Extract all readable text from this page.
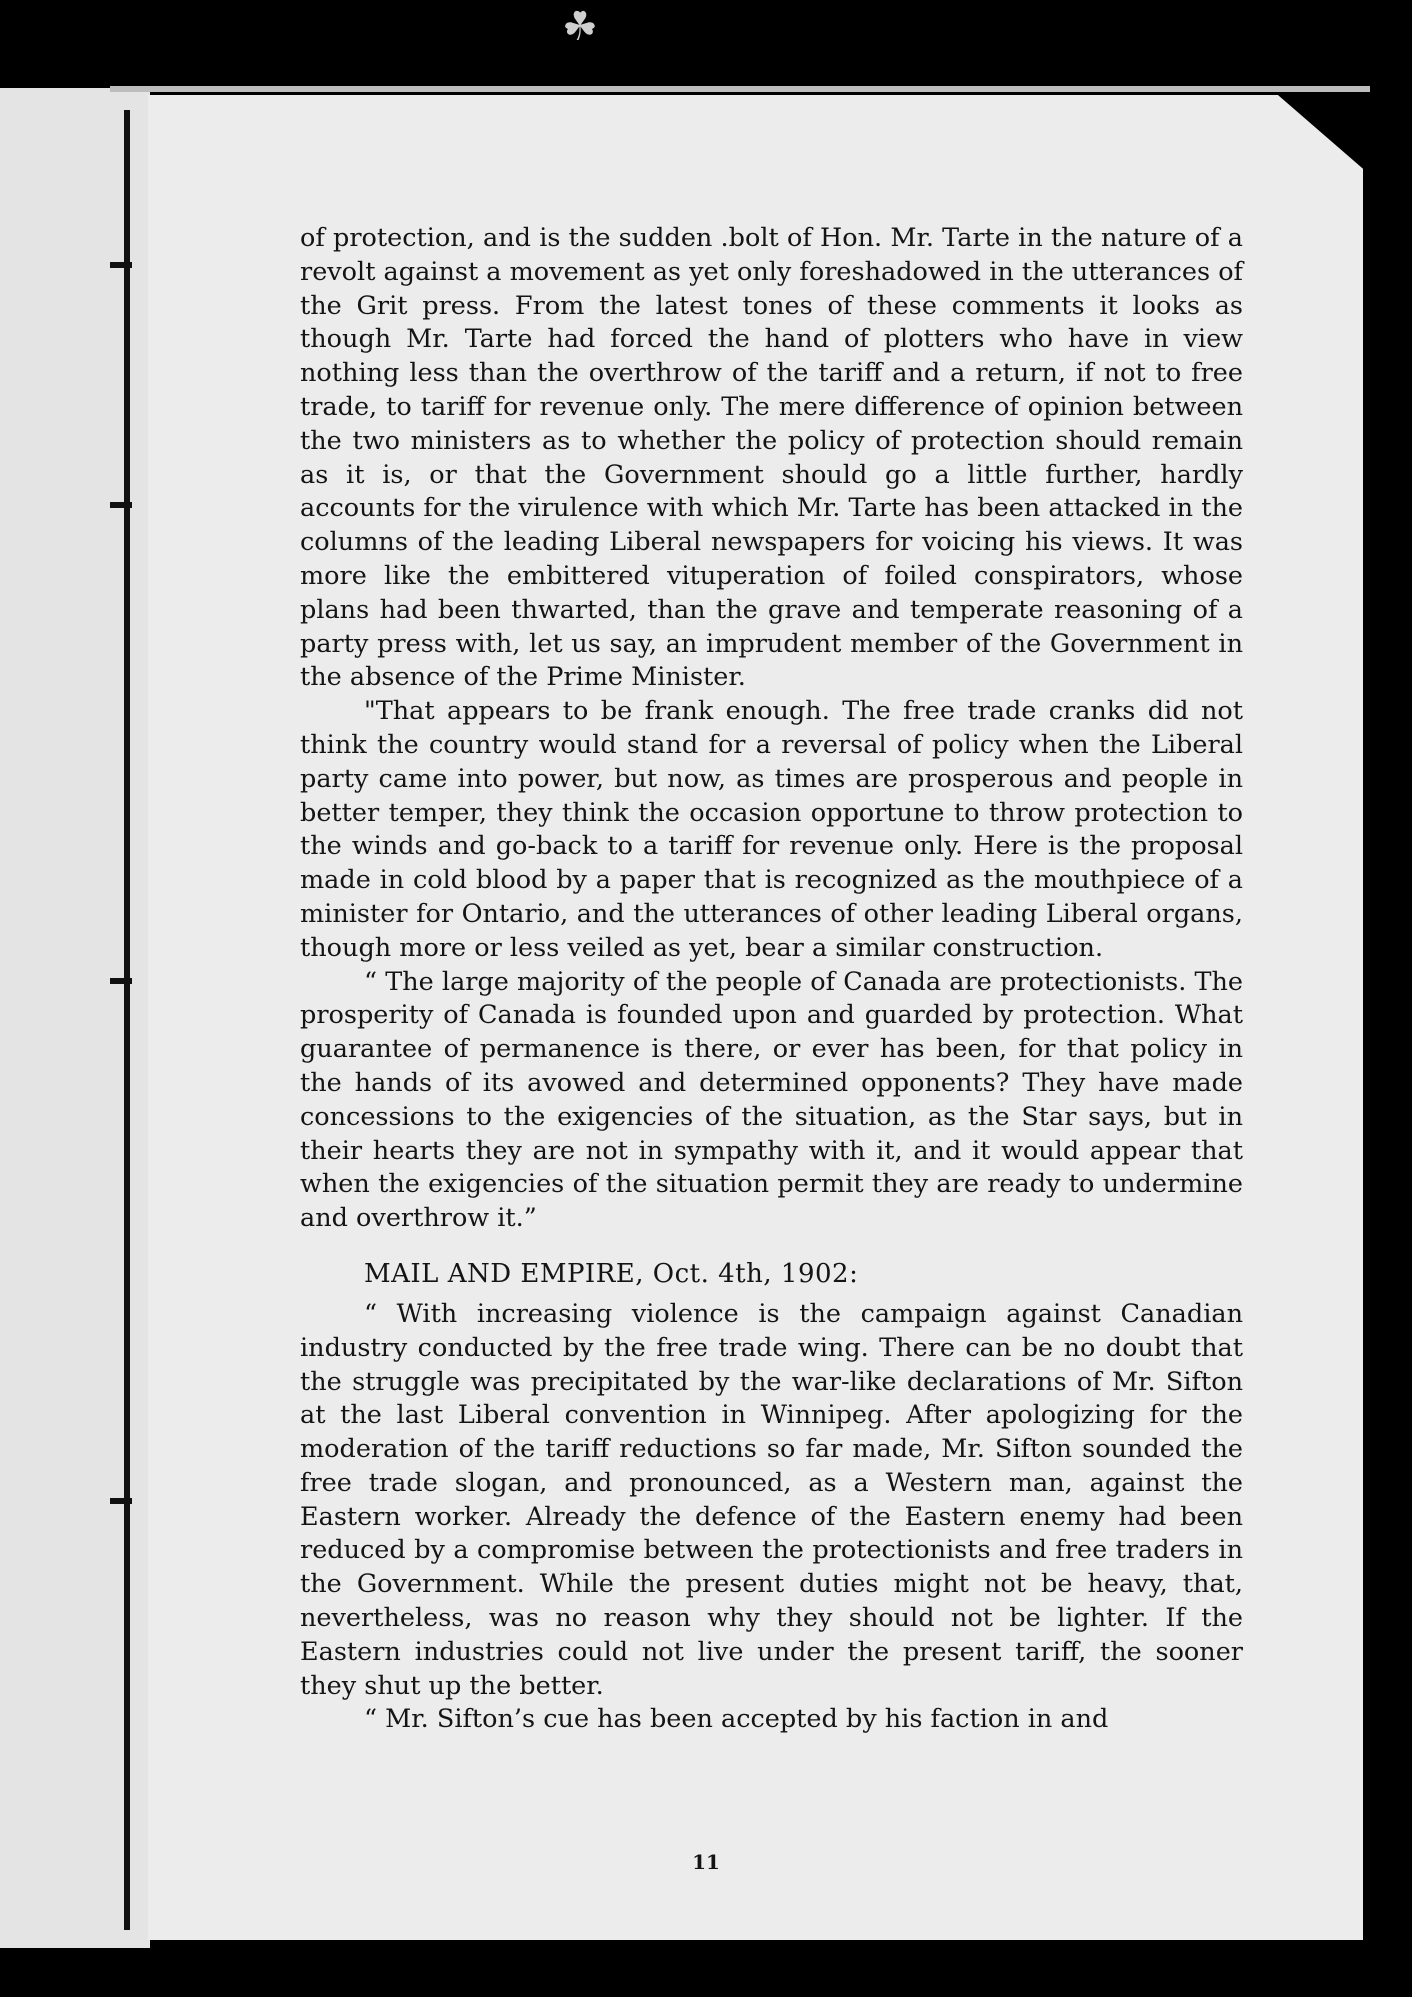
☘

of protection, and is the sudden .bolt of Hon. Mr. Tarte in the nature of a revolt against a movement as yet only foreshadowed in the utterances of the Grit press. From the latest tones of these comments it looks as though Mr. Tarte had forced the hand of plotters who have in view nothing less than the overthrow of the tariff and a return, if not to free trade, to tariff for revenue only. The mere difference of opinion between the two ministers as to whether the policy of protection should remain as it is, or that the Government should go a little further, hardly accounts for the virulence with which Mr. Tarte has been attacked in the columns of the leading Liberal newspapers for voicing his views. It was more like the embittered vituperation of foiled conspirators, whose plans had been thwarted, than the grave and temperate reasoning of a party press with, let us say, an imprudent member of the Government in the absence of the Prime Minister.

"That appears to be frank enough. The free trade cranks did not think the country would stand for a reversal of policy when the Liberal party came into power, but now, as times are prosperous and people in better temper, they think the occasion opportune to throw protection to the winds and go-back to a tariff for revenue only. Here is the proposal made in cold blood by a paper that is recognized as the mouthpiece of a minister for Ontario, and the utterances of other leading Liberal organs, though more or less veiled as yet, bear a similar construction.

“ The large majority of the people of Canada are protectionists. The prosperity of Canada is founded upon and guarded by protection. What guarantee of permanence is there, or ever has been, for that policy in the hands of its avowed and determined opponents? They have made concessions to the exigencies of the situation, as the Star says, but in their hearts they are not in sympathy with it, and it would appear that when the exigencies of the situation permit they are ready to undermine and overthrow it.”

MAIL AND EMPIRE, Oct. 4th, 1902:

“ With increasing violence is the campaign against Canadian industry conducted by the free trade wing. There can be no doubt that the struggle was precipitated by the war-like declarations of Mr. Sifton at the last Liberal convention in Winnipeg. After apologizing for the moderation of the tariff reductions so far made, Mr. Sifton sounded the free trade slogan, and pronounced, as a Western man, against the Eastern worker. Already the defence of the Eastern enemy had been reduced by a compromise between the protectionists and free traders in the Government. While the present duties might not be heavy, that, nevertheless, was no reason why they should not be lighter. If the Eastern industries could not live under the present tariff, the sooner they shut up the better.

“ Mr. Sifton’s cue has been accepted by his faction in and

11
